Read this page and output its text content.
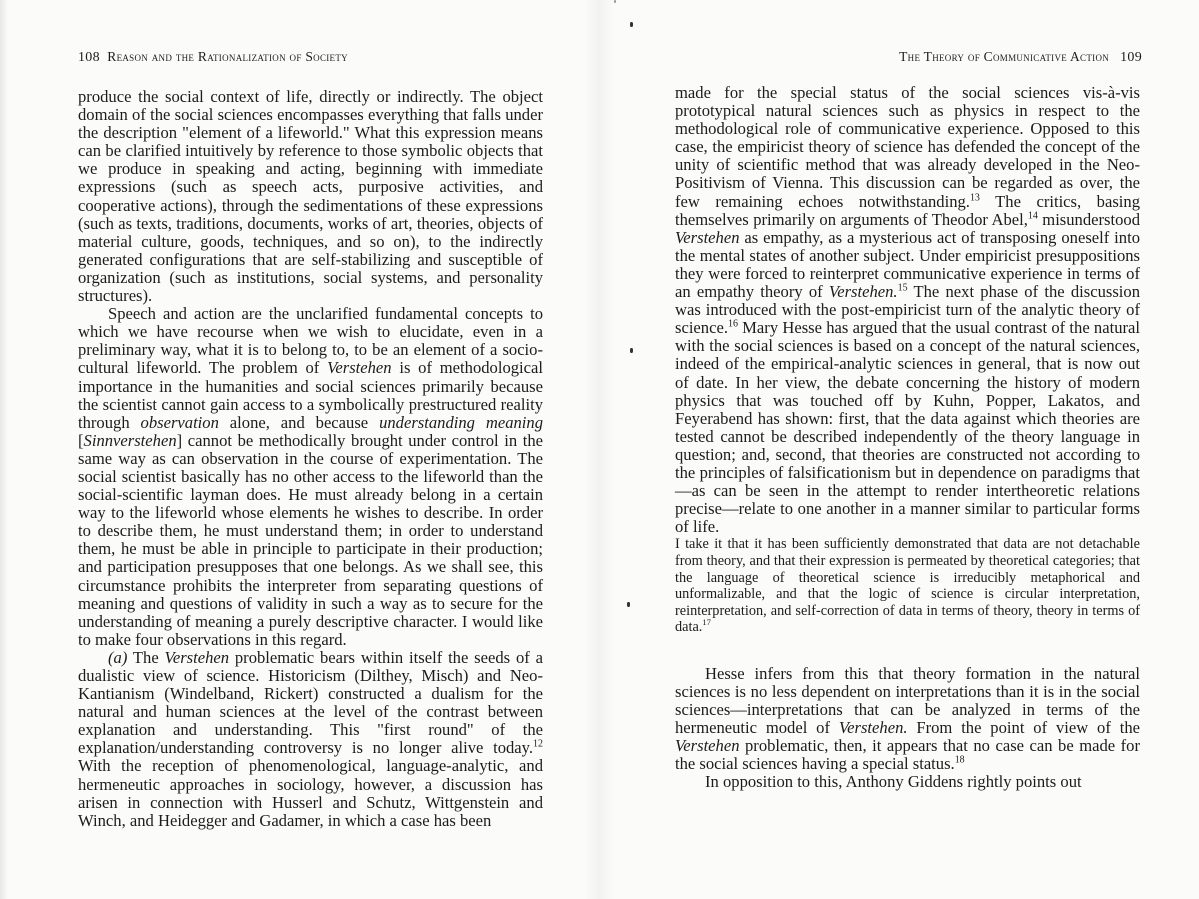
108 Reason and the Rationalization of Society

produce the social context of life, directly or indirectly. The object domain of the social sciences encompasses everything that falls under the description "element of a lifeworld." What this expression means can be clarified intuitively by reference to those symbolic objects that we produce in speaking and acting, beginning with immediate expressions (such as speech acts, purposive activities, and cooperative actions), through the sedimentations of these expressions (such as texts, traditions, documents, works of art, theories, objects of material culture, goods, techniques, and so on), to the indirectly generated configurations that are self-stabilizing and susceptible of organization (such as institutions, social systems, and personality structures).

Speech and action are the unclarified fundamental concepts to which we have recourse when we wish to elucidate, even in a preliminary way, what it is to belong to, to be an element of a socio-cultural lifeworld. The problem of Verstehen is of methodological importance in the humanities and social sciences primarily because the scientist cannot gain access to a symbolically prestructured reality through observation alone, and because understanding meaning [Sinnverstehen] cannot be methodically brought under control in the same way as can observation in the course of experimentation. The social scientist basically has no other access to the lifeworld than the social-scientific layman does. He must already belong in a certain way to the lifeworld whose elements he wishes to describe. In order to describe them, he must understand them; in order to understand them, he must be able in principle to participate in their production; and participation presupposes that one belongs. As we shall see, this circumstance prohibits the interpreter from separating questions of meaning and questions of validity in such a way as to secure for the understanding of meaning a purely descriptive character. I would like to make four observations in this regard.

(a) The Verstehen problematic bears within itself the seeds of a dualistic view of science. Historicism (Dilthey, Misch) and Neo-Kantianism (Windelband, Rickert) constructed a dualism for the natural and human sciences at the level of the contrast between explanation and understanding. This "first round" of the explanation/understanding controversy is no longer alive today.$^{12}$ With the reception of phenomenological, language-analytic, and hermeneutic approaches in sociology, however, a discussion has arisen in connection with Husserl and Schutz, Wittgenstein and Winch, and Heidegger and Gadamer, in which a case has been

The Theory of Communicative Action 109

made for the special status of the social sciences vis-à-vis prototypical natural sciences such as physics in respect to the methodological role of communicative experience. Opposed to this case, the empiricist theory of science has defended the concept of the unity of scientific method that was already developed in the Neo-Positivism of Vienna. This discussion can be regarded as over, the few remaining echoes notwithstanding.$^{13}$ The critics, basing themselves primarily on arguments of Theodor Abel,$^{14}$ misunderstood Verstehen as empathy, as a mysterious act of transposing oneself into the mental states of another subject. Under empiricist presuppositions they were forced to reinterpret communicative experience in terms of an empathy theory of Verstehen.$^{15}$ The next phase of the discussion was introduced with the post-empiricist turn of the analytic theory of science.$^{16}$ Mary Hesse has argued that the usual contrast of the natural with the social sciences is based on a concept of the natural sciences, indeed of the empirical-analytic sciences in general, that is now out of date. In her view, the debate concerning the history of modern physics that was touched off by Kuhn, Popper, Lakatos, and Feyerabend has shown: first, that the data against which theories are tested cannot be described independently of the theory language in question; and, second, that theories are constructed not according to the principles of falsificationism but in dependence on paradigms that—as can be seen in the attempt to render intertheoretic relations precise—relate to one another in a manner similar to particular forms of life.

I take it that it has been sufficiently demonstrated that data are not detachable from theory, and that their expression is permeated by theoretical categories; that the language of theoretical science is irreducibly metaphorical and unformalizable, and that the logic of science is circular interpretation, reinterpretation, and self-correction of data in terms of theory, theory in terms of data.$^{17}$

Hesse infers from this that theory formation in the natural sciences is no less dependent on interpretations than it is in the social sciences—interpretations that can be analyzed in terms of the hermeneutic model of Verstehen. From the point of view of the Verstehen problematic, then, it appears that no case can be made for the social sciences having a special status.$^{18}$

In opposition to this, Anthony Giddens rightly points out
